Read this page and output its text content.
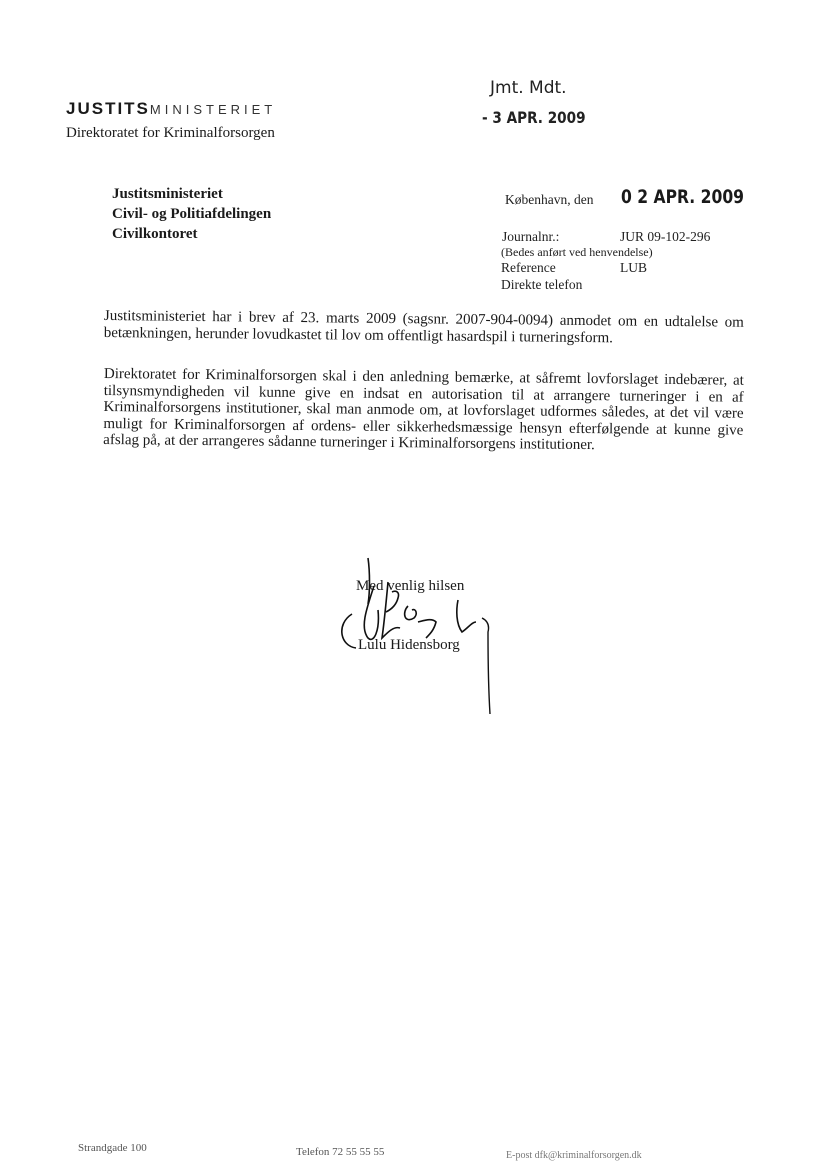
Jmt. Mdt.
- 3 APR. 2009
JUSTITSMINISTERIET
Direktoratet for Kriminalforsorgen
Justitsministeriet
Civil- og Politiafdelingen
Civilkontoret
København, den 0 2 APR. 2009
Journalnr.:	JUR 09-102-296
(Bedes anført ved henvendelse)
Reference	LUB
Direkte telefon
Justitsministeriet har i brev af 23. marts 2009 (sagsnr. 2007-904-0094) anmodet om en udtalelse om betænkningen, herunder lovudkastet til lov om offentligt hasardspil i turneringsform.
Direktoratet for Kriminalforsorgen skal i den anledning bemærke, at såfremt lovforslaget indebærer, at tilsynsmyndigheden vil kunne give en indsat en autorisation til at arrangere turneringer i en af Kriminalforsorgens institutioner, skal man anmode om, at lovforslaget udformes således, at det vil være muligt for Kriminalforsorgen af ordens- eller sikkerhedsmæssige hensyn efterfølgende at kunne give afslag på, at der arrangeres sådanne turneringer i Kriminalforsorgens institutioner.
Med venlig hilsen
Lulu Hidensborg
Strandgade 100	Telefon 72 55 55 55	E-post dfk@kriminalforsorgen.dk
